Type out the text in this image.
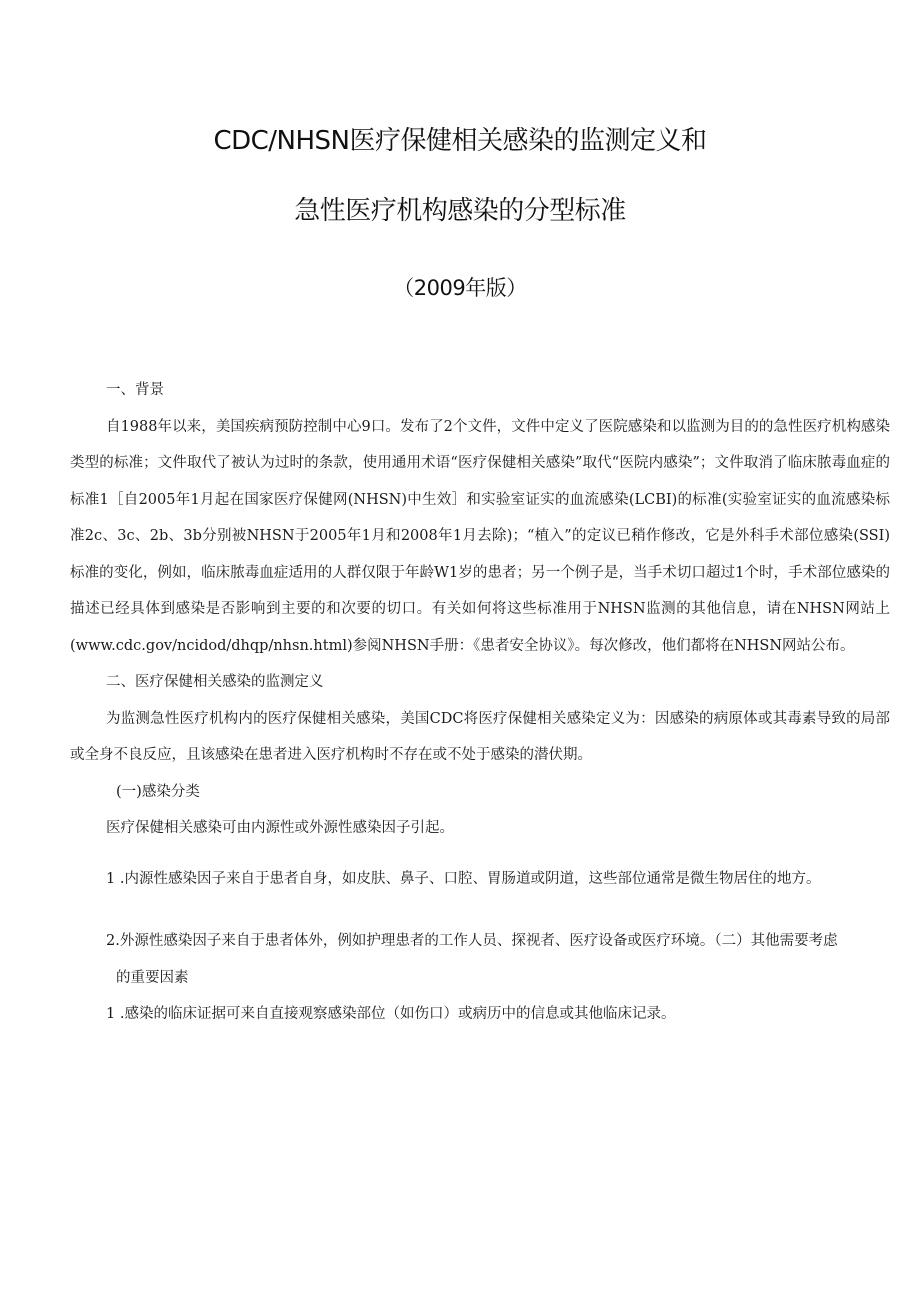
CDC/NHSN医疗保健相关感染的监测定义和
急性医疗机构感染的分型标准
（2009年版）

一、背景

自1988年以来，美国疾病预防控制中心9口。发布了2个文件，文件中定义了医院感染和以监测为目的的急性医疗机构感染类型的标准；文件取代了被认为过时的条款，使用通用术语“医疗保健相关感染”取代“医院内感染”；文件取消了临床脓毒血症的标准1［自2005年1月起在国家医疗保健网(NHSN)中生效］和实验室证实的血流感染(LCBI)的标准(实验室证实的血流感染标准2c、3c、2b、3b分别被NHSN于2005年1月和2008年1月去除)；“植入”的定议已稍作修改，它是外科手术部位感染(SSI)标准的变化，例如，临床脓毒血症适用的人群仅限于年龄W1岁的患者；另一个例子是，当手术切口超过1个时，手术部位感染的描述已经具体到感染是否影响到主要的和次要的切口。有关如何将这些标准用于NHSN监测的其他信息，请在NHSN网站上(www.cdc.gov/ncidod/dhqp/nhsn.html)参阅NHSN手册：《患者安全协议》。每次修改，他们都将在NHSN网站公布。

二、医疗保健相关感染的监测定义

为监测急性医疗机构内的医疗保健相关感染，美国CDC将医疗保健相关感染定义为：因感染的病原体或其毒素导致的局部或全身不良反应，且该感染在患者进入医疗机构时不存在或不处于感染的潜伏期。

(一)感染分类

医疗保健相关感染可由内源性或外源性感染因子引起。

1 .内源性感染因子来自于患者自身，如皮肤、鼻子、口腔、胃肠道或阴道，这些部位通常是微生物居住的地方。

2.外源性感染因子来自于患者体外，例如护理患者的工作人员、探视者、医疗设备或医疗环境。（二）其他需要考虑

的重要因素

1 .感染的临床证据可来自直接观察感染部位（如伤口）或病历中的信息或其他临床记录。
